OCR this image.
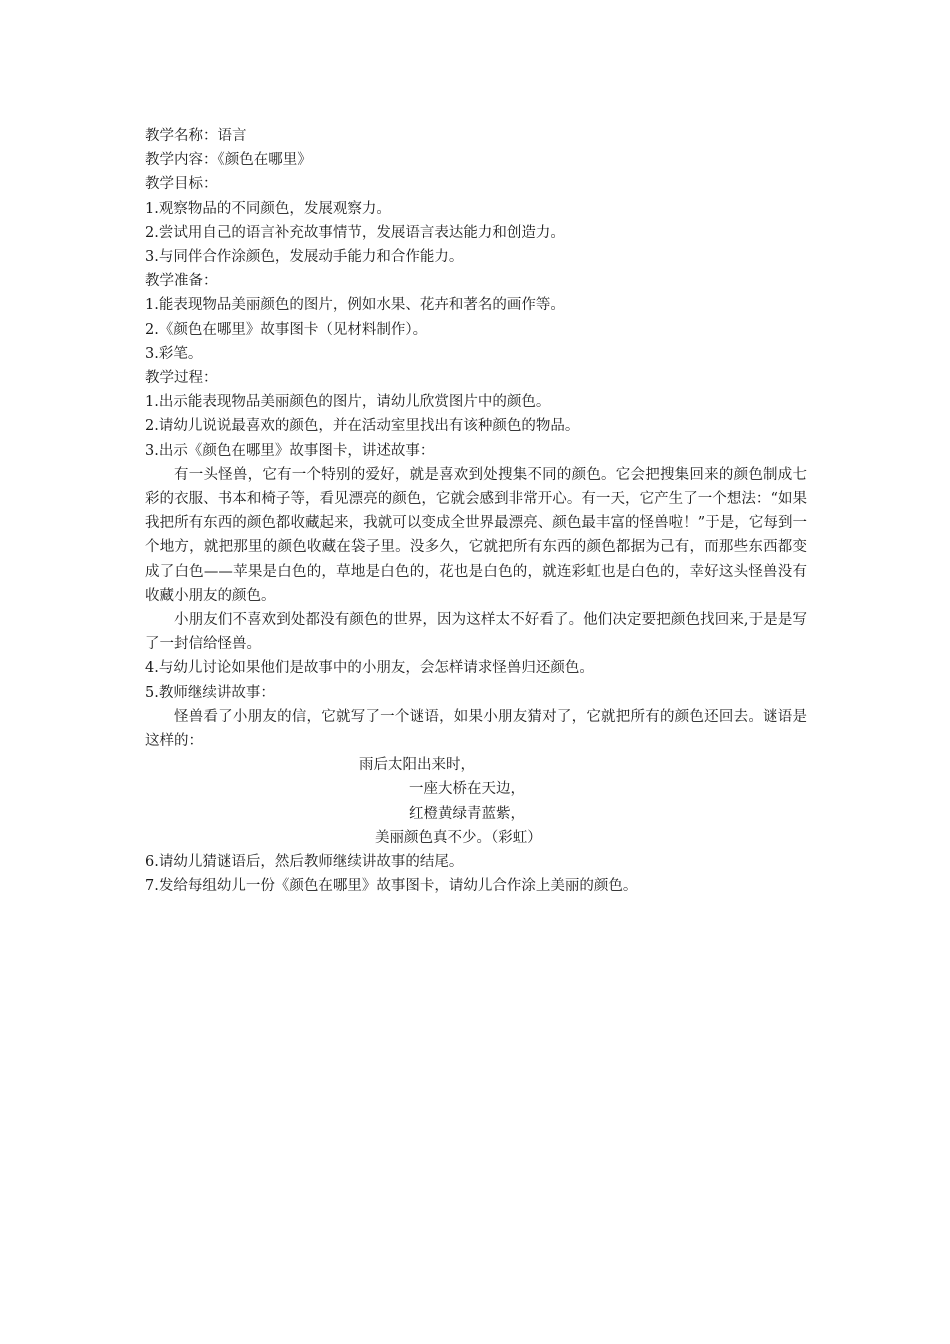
教学名称：语言

教学内容：《颜色在哪里》

教学目标：

1.观察物品的不同颜色，发展观察力。

2.尝试用自己的语言补充故事情节，发展语言表达能力和创造力。

3.与同伴合作涂颜色，发展动手能力和合作能力。

教学准备：

1.能表现物品美丽颜色的图片，例如水果、花卉和著名的画作等。

2.《颜色在哪里》故事图卡（见材料制作）。

3.彩笔。

教学过程：

1.出示能表现物品美丽颜色的图片，请幼儿欣赏图片中的颜色。

2.请幼儿说说最喜欢的颜色，并在活动室里找出有该种颜色的物品。

3.出示《颜色在哪里》故事图卡，讲述故事：

有一头怪兽，它有一个特别的爱好，就是喜欢到处搜集不同的颜色。它会把搜集回来的颜色制成七彩的衣服、书本和椅子等，看见漂亮的颜色，它就会感到非常开心。有一天，它产生了一个想法：“如果我把所有东西的颜色都收藏起来，我就可以变成全世界最漂亮、颜色最丰富的怪兽啦！”于是，它每到一个地方，就把那里的颜色收藏在袋子里。没多久，它就把所有东西的颜色都据为己有，而那些东西都变成了白色——苹果是白色的，草地是白色的，花也是白色的，就连彩虹也是白色的，幸好这头怪兽没有收藏小朋友的颜色。

小朋友们不喜欢到处都没有颜色的世界，因为这样太不好看了。他们决定要把颜色找回来,于是是写了一封信给怪兽。

4.与幼儿讨论如果他们是故事中的小朋友，会怎样请求怪兽归还颜色。

5.教师继续讲故事：

怪兽看了小朋友的信，它就写了一个谜语，如果小朋友猜对了，它就把所有的颜色还回去。谜语是这样的：

雨后太阳出来时，

一座大桥在天边，

红橙黄绿青蓝紫，

美丽颜色真不少。（彩虹）

6.请幼儿猜谜语后，然后教师继续讲故事的结尾。

7.发给每组幼儿一份《颜色在哪里》故事图卡，请幼儿合作涂上美丽的颜色。
